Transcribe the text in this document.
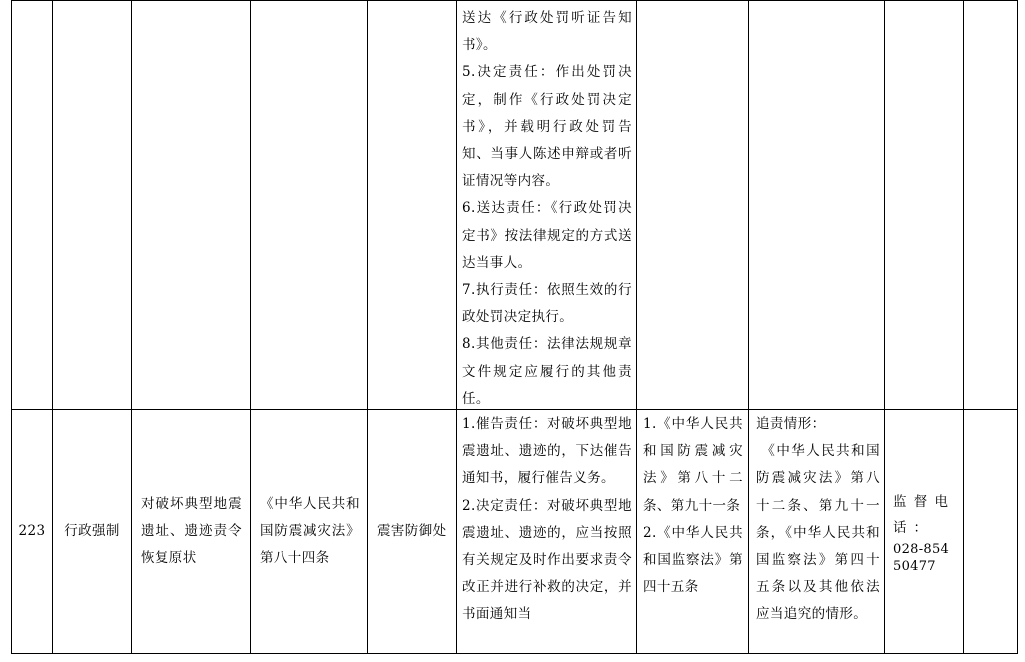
送达《行政处罚听证告知书》。
5.决定责任：作出处罚决定，制作《行政处罚决定书》，并载明行政处罚告知、当事人陈述申辩或者听证情况等内容。
6.送达责任：《行政处罚决定书》按法律规定的方式送达当事人。
7.执行责任：依照生效的行政处罚决定执行。
8.其他责任：法律法规规章文件规定应履行的其他责任。
223 行政强制
对破坏典型地震遗址、遗迹责令恢复原状
《中华人民共和国防震减灾法》第八十四条
震害防御处
1.催告责任：对破坏典型地震遗址、遗迹的，下达催告通知书，履行催告义务。
2.决定责任：对破坏典型地震遗址、遗迹的，应当按照有关规定及时作出要求责令改正并进行补救的决定，并书面通知当
1.《中华人民共和国防震减灾法》第八十二条、第九十一条
2.《中华人民共和国监察法》第四十五条
追责情形：
《中华人民共和国防震减灾法》第八十二条、第九十一条，《中华人民共和国监察法》第四十五条以及其他依法应当追究的情形。
监督电话：
028-85450477
